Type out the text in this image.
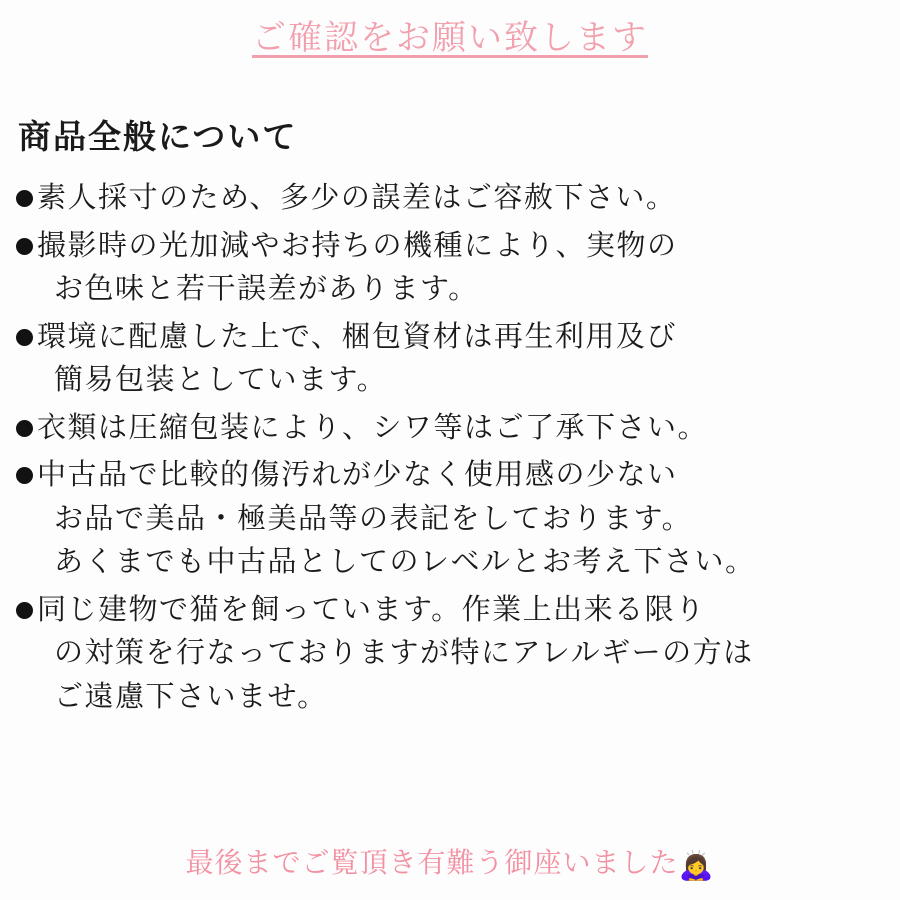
ご確認をお願い致します
商品全般について
素人採寸のため、多少の誤差はご容赦下さい。
撮影時の光加減やお持ちの機種により、実物の
お色味と若干誤差があります。
環境に配慮した上で、梱包資材は再生利用及び
簡易包装としています。
衣類は圧縮包装により、シワ等はご了承下さい。
中古品で比較的傷汚れが少なく使用感の少ない
お品で美品・極美品等の表記をしております。
あくまでも中古品としてのレベルとお考え下さい。
同じ建物で猫を飼っています。作業上出来る限り
の対策を行なっておりますが特にアレルギーの方は
ご遠慮下さいませ。
最後までご覧頂き有難う御座いました🙇‍♀️
